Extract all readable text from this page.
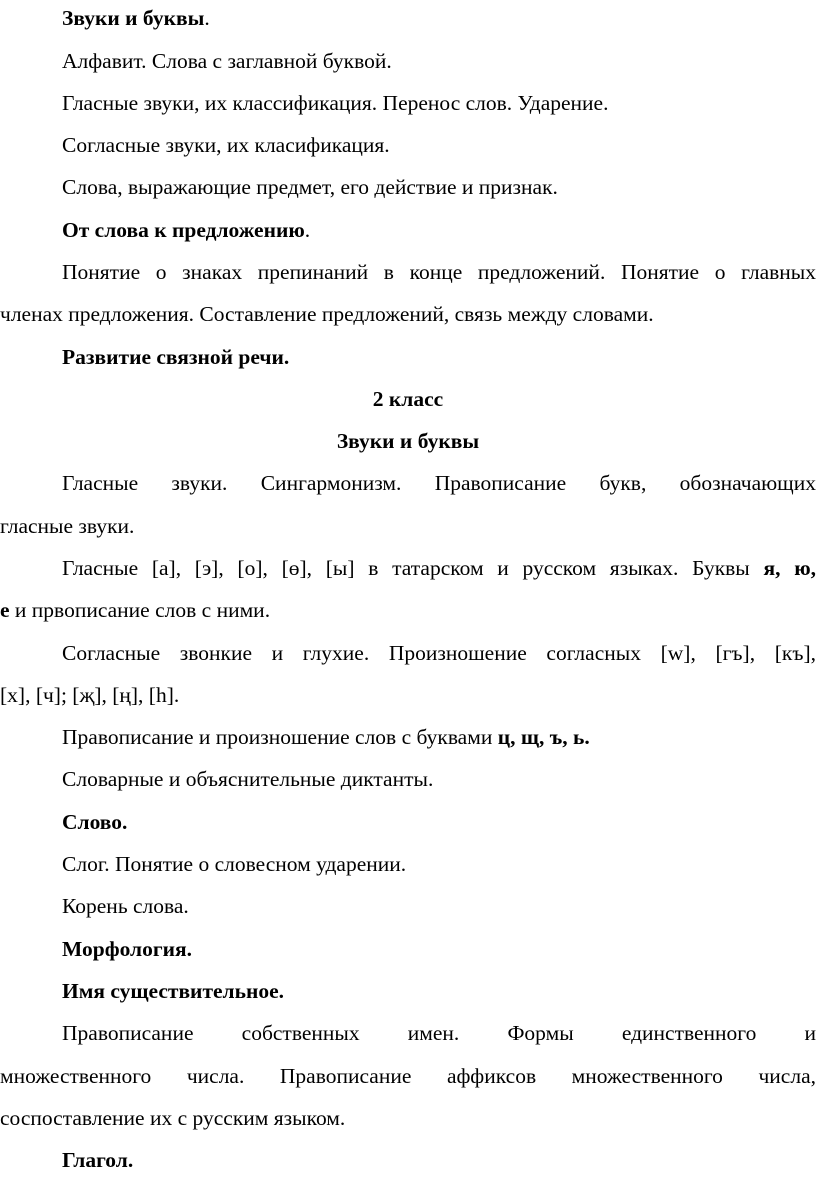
Звуки и буквы.
Алфавит. Слова с заглавной буквой.
Гласные звуки, их классификация. Перенос слов. Ударение.
Согласные звуки, их класификация.
Слова, выражающие предмет, его действие и признак.
От слова к предложению.
Понятие о знаках препинаний в конце предложений. Понятие о главных
членах предложения. Составление предложений, связь между словами.
Развитие связной речи.
2 класс
Звуки и буквы
Гласные звуки. Сингармонизм. Правописание букв, обозначающих
гласные звуки.
Гласные [а], [э], [о], [ө], [ы] в татарском и русском языках. Буквы я, ю,
е и првописание слов с ними.
Согласные звонкие и глухие. Произношение согласных [w], [гъ], [къ],
[х], [ч]; [җ], [ң], [һ].
Правописание и произношение слов с буквами ц, щ, ъ, ь.
Словарные и объяснительные диктанты.
Слово.
Слог. Понятие о словесном ударении.
Корень слова.
Морфология.
Имя существительное.
Правописание собственных имен. Формы единственного и
множественного числа. Правописание аффиксов множественного числа,
соспоставление их с русским языком.
Глагол.
